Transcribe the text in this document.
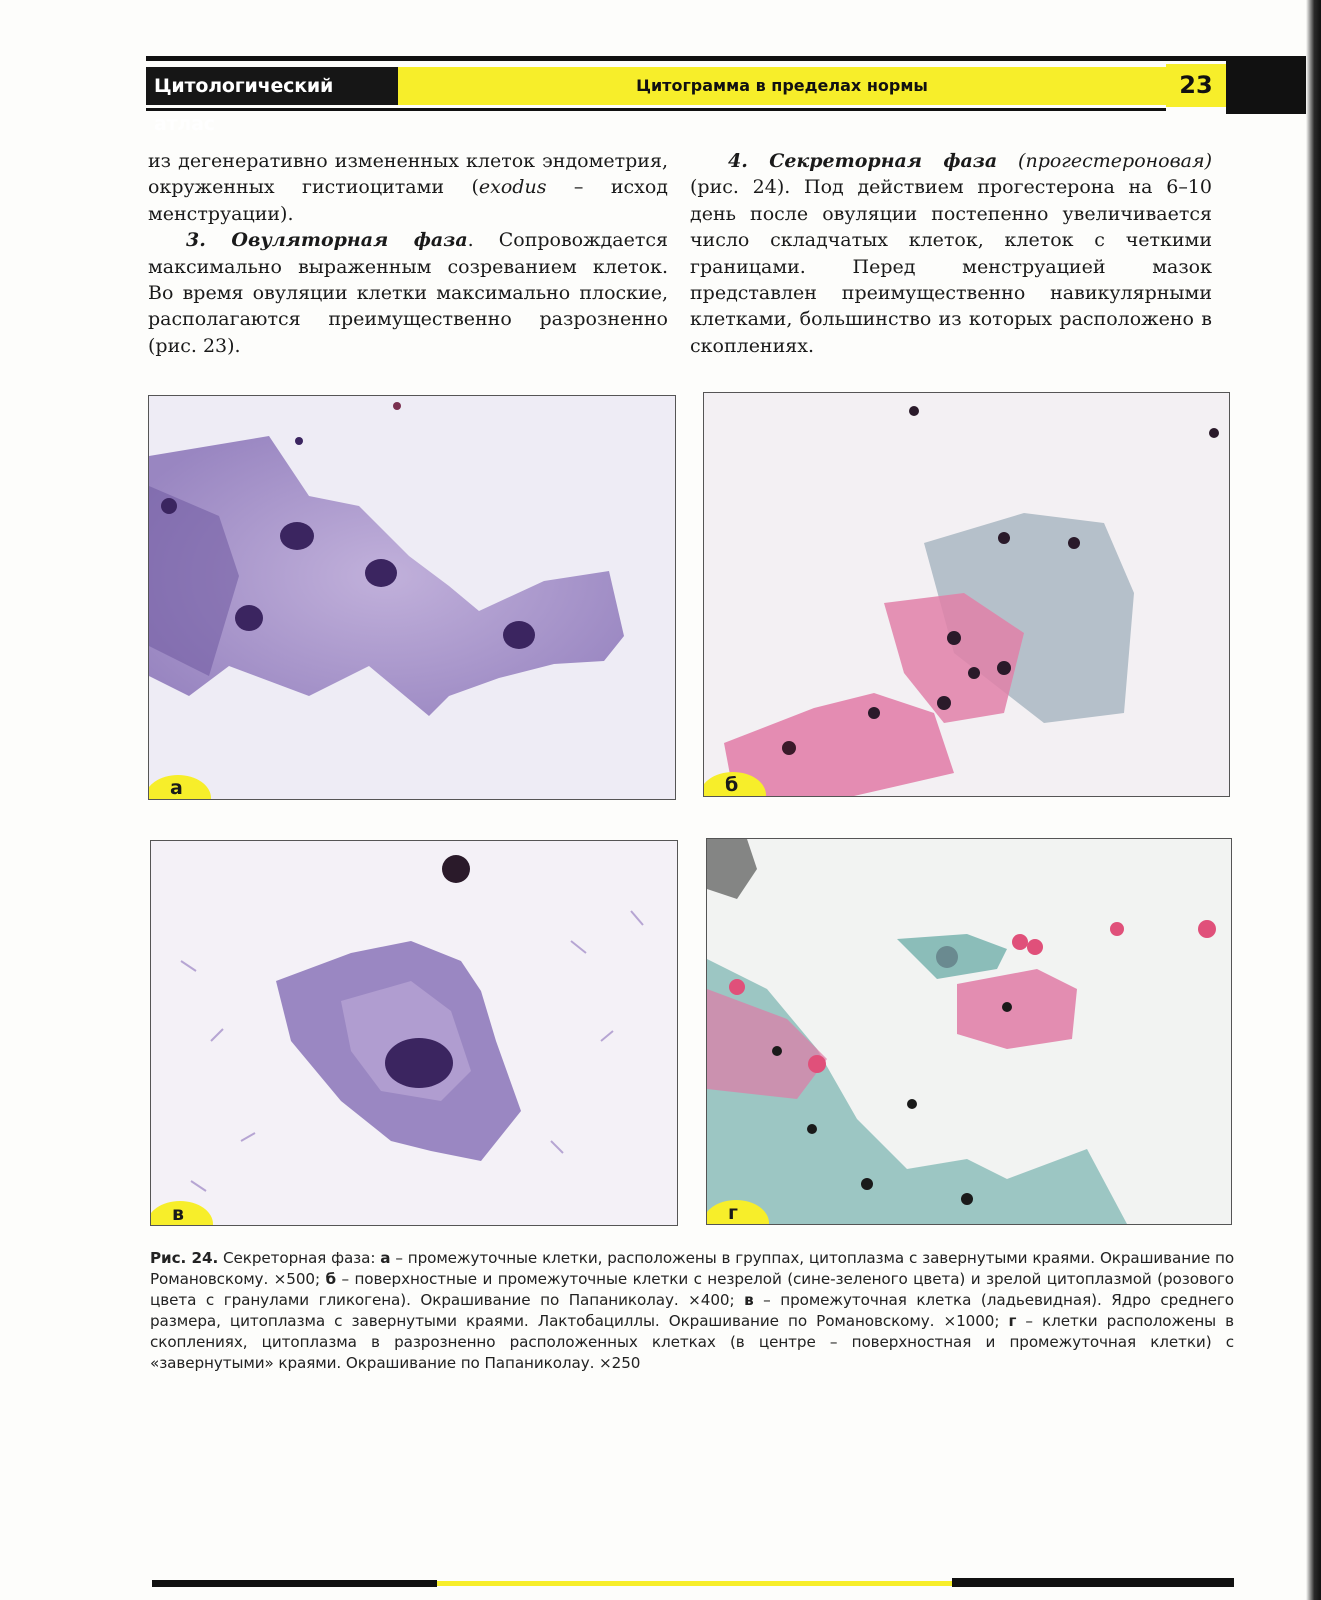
Цитологический атлас
Цитограмма в пределах нормы	23

из дегенеративно измененных клеток эндометрия, окруженных гистиоцитами (exodus – исход менструации).

3. Овуляторная фаза. Сопровождается максимально выраженным созреванием клеток. Во время овуляции клетки максимально плоские, располагаются преимущественно разрозненно (рис. 23).

4. Секреторная фаза (прогестероновая) (рис. 24). Под действием прогестерона на 6–10 день после овуляции постепенно увеличивается число складчатых клеток, клеток с четкими границами. Перед менструацией мазок представлен преимущественно навикулярными клетками, большинство из которых расположено в скоплениях.

а	б
в	г
Рис. 24. Секреторная фаза: а – промежуточные клетки, расположены в группах, цитоплазма с завернутыми краями. Окрашивание по Романовскому. ×500; б – поверхностные и промежуточные клетки с незрелой (сине-зеленого цвета) и зрелой цитоплазмой (розового цвета с гранулами гликогена). Окрашивание по Папаниколау. ×400; в – промежуточная клетка (ладьевидная). Ядро среднего размера, цитоплазма с завернутыми краями. Лактобациллы. Окрашивание по Романовскому. ×1000; г – клетки расположены в скоплениях, цитоплазма в разрозненно расположенных клетках (в центре – поверхностная и промежуточная клетки) с «завернутыми» краями. Окрашивание по Папаниколау. ×250
